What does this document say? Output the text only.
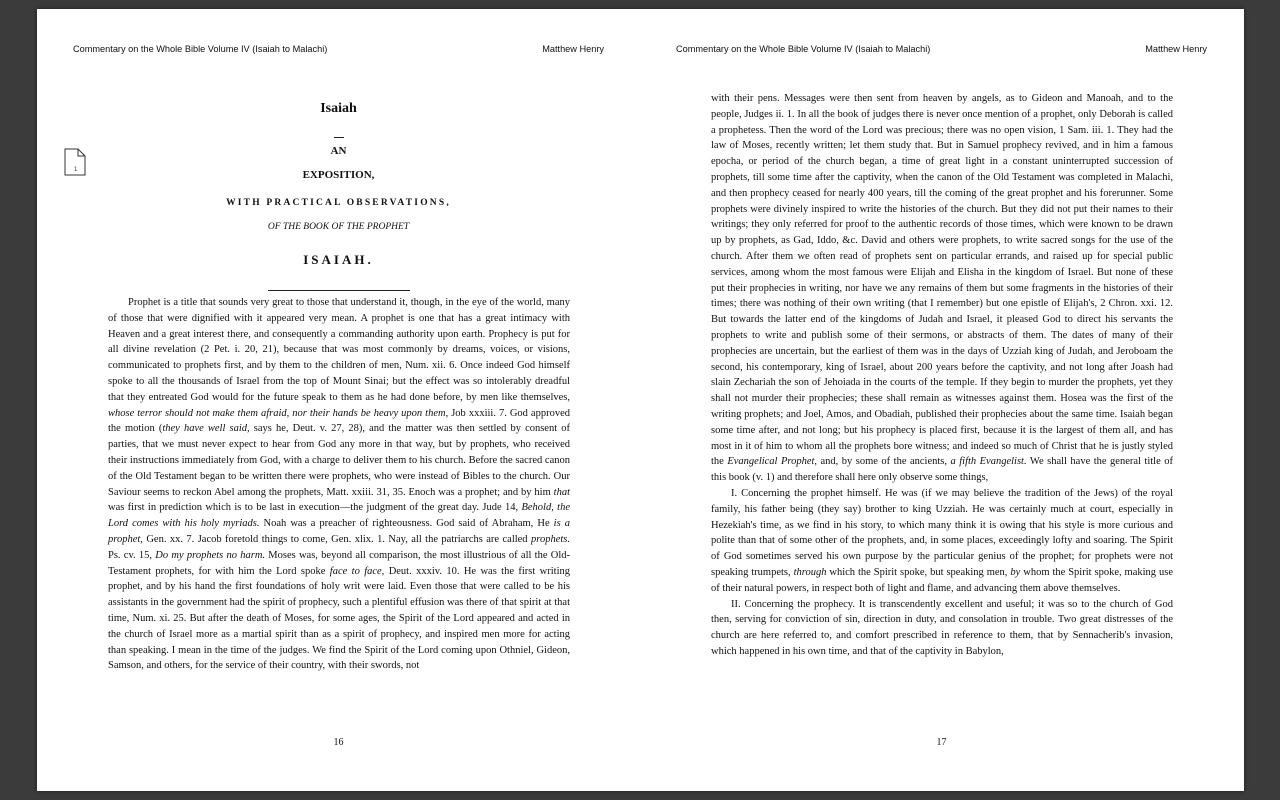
Commentary on the Whole Bible Volume IV (Isaiah to Malachi)	Matthew Henry
1
Isaiah
AN
EXPOSITION,
WITH PRACTICAL OBSERVATIONS,
OF THE BOOK OF THE PROPHET
ISAIAH.

Prophet is a title that sounds very great to those that understand it, though, in the eye of the world, many of those that were dignified with it appeared very mean. A prophet is one that has a great intimacy with Heaven and a great interest there, and consequently a commanding authority upon earth. Prophecy is put for all divine revelation (2 Pet. i. 20, 21), because that was most commonly by dreams, voices, or visions, communicated to prophets first, and by them to the children of men, Num. xii. 6. Once indeed God himself spoke to all the thousands of Israel from the top of Mount Sinai; but the effect was so intolerably dreadful that they entreated God would for the future speak to them as he had done before, by men like themselves, whose terror should not make them afraid, nor their hands be heavy upon them, Job xxxiii. 7. God approved the motion (they have well said, says he, Deut. v. 27, 28), and the matter was then settled by consent of parties, that we must never expect to hear from God any more in that way, but by prophets, who received their instructions immediately from God, with a charge to deliver them to his church. Before the sacred canon of the Old Testament began to be written there were prophets, who were instead of Bibles to the church. Our Saviour seems to reckon Abel among the prophets, Matt. xxiii. 31, 35. Enoch was a prophet; and by him that was first in prediction which is to be last in execution—the judgment of the great day. Jude 14, Behold, the Lord comes with his holy myriads. Noah was a preacher of righteousness. God said of Abraham, He is a prophet, Gen. xx. 7. Jacob foretold things to come, Gen. xlix. 1. Nay, all the patriarchs are called prophets. Ps. cv. 15, Do my prophets no harm. Moses was, beyond all comparison, the most illustrious of all the Old-Testament prophets, for with him the Lord spoke face to face, Deut. xxxiv. 10. He was the first writing prophet, and by his hand the first foundations of holy writ were laid. Even those that were called to be his assistants in the government had the spirit of prophecy, such a plentiful effusion was there of that spirit at that time, Num. xi. 25. But after the death of Moses, for some ages, the Spirit of the Lord appeared and acted in the church of Israel more as a martial spirit than as a spirit of prophecy, and inspired men more for acting than speaking. I mean in the time of the judges. We find the Spirit of the Lord coming upon Othniel, Gideon, Samson, and others, for the service of their country, with their swords, not

16
Commentary on the Whole Bible Volume IV (Isaiah to Malachi)	Matthew Henry

with their pens. Messages were then sent from heaven by angels, as to Gideon and Manoah, and to the people, Judges ii. 1. In all the book of judges there is never once mention of a prophet, only Deborah is called a prophetess. Then the word of the Lord was precious; there was no open vision, 1 Sam. iii. 1. They had the law of Moses, recently written; let them study that. But in Samuel prophecy revived, and in him a famous epocha, or period of the church began, a time of great light in a constant uninterrupted succession of prophets, till some time after the captivity, when the canon of the Old Testament was completed in Malachi, and then prophecy ceased for nearly 400 years, till the coming of the great prophet and his forerunner. Some prophets were divinely inspired to write the histories of the church. But they did not put their names to their writings; they only referred for proof to the authentic records of those times, which were known to be drawn up by prophets, as Gad, Iddo, &c. David and others were prophets, to write sacred songs for the use of the church. After them we often read of prophets sent on particular errands, and raised up for special public services, among whom the most famous were Elijah and Elisha in the kingdom of Israel. But none of these put their prophecies in writing, nor have we any remains of them but some fragments in the histories of their times; there was nothing of their own writing (that I remember) but one epistle of Elijah's, 2 Chron. xxi. 12. But towards the latter end of the kingdoms of Judah and Israel, it pleased God to direct his servants the prophets to write and publish some of their sermons, or abstracts of them. The dates of many of their prophecies are uncertain, but the earliest of them was in the days of Uzziah king of Judah, and Jeroboam the second, his contemporary, king of Israel, about 200 years before the captivity, and not long after Joash had slain Zechariah the son of Jehoiada in the courts of the temple. If they begin to murder the prophets, yet they shall not murder their prophecies; these shall remain as witnesses against them. Hosea was the first of the writing prophets; and Joel, Amos, and Obadiah, published their prophecies about the same time. Isaiah began some time after, and not long; but his prophecy is placed first, because it is the largest of them all, and has most in it of him to whom all the prophets bore witness; and indeed so much of Christ that he is justly styled the Evangelical Prophet, and, by some of the ancients, a fifth Evangelist. We shall have the general title of this book (v. 1) and therefore shall here only observe some things,

I. Concerning the prophet himself. He was (if we may believe the tradition of the Jews) of the royal family, his father being (they say) brother to king Uzziah. He was certainly much at court, especially in Hezekiah's time, as we find in his story, to which many think it is owing that his style is more curious and polite than that of some other of the prophets, and, in some places, exceedingly lofty and soaring. The Spirit of God sometimes served his own purpose by the particular genius of the prophet; for prophets were not speaking trumpets, through which the Spirit spoke, but speaking men, by whom the Spirit spoke, making use of their natural powers, in respect both of light and flame, and advancing them above themselves.

II. Concerning the prophecy. It is transcendently excellent and useful; it was so to the church of God then, serving for conviction of sin, direction in duty, and consolation in trouble. Two great distresses of the church are here referred to, and comfort prescribed in reference to them, that by Sennacherib's invasion, which happened in his own time, and that of the captivity in Babylon,

17
